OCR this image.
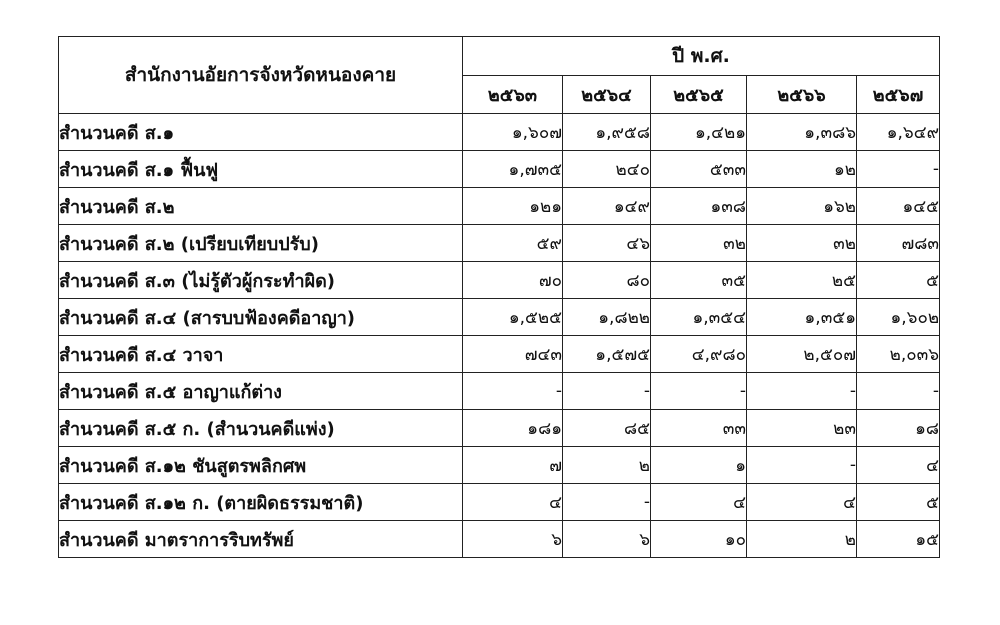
สำนักงานอัยการจังหวัดหนองคาย	ปี พ.ศ.				
	๒๕๖๓	๒๕๖๔	๒๕๖๕	๒๕๖๖	๒๕๖๗
สำนวนคดี ส.๑	๑,๖๐๗	๑,๙๕๘	๑,๔๒๑	๑,๓๘๖	๑,๖๔๙
สำนวนคดี ส.๑ ฟื้นฟู	๑,๗๓๕	๒๔๐	๕๓๓	๑๒	-
สำนวนคดี ส.๒	๑๒๑	๑๔๙	๑๓๘	๑๖๒	๑๔๕
สำนวนคดี ส.๒ (เปรียบเทียบปรับ)	๕๙	๔๖	๓๒	๓๒	๗๘๓
สำนวนคดี ส.๓ (ไม่รู้ตัวผู้กระทำผิด)	๗๐	๘๐	๓๕	๒๕	๕
สำนวนคดี ส.๔ (สารบบฟ้องคดีอาญา)	๑,๕๒๕	๑,๘๒๒	๑,๓๕๔	๑,๓๕๑	๑,๖๐๒
สำนวนคดี ส.๔ วาจา	๗๔๓	๑,๕๗๕	๔,๙๘๐	๒,๕๐๗	๒,๐๓๖
สำนวนคดี ส.๕ อาญาแก้ต่าง	-	-	-	-	-
สำนวนคดี ส.๕ ก. (สำนวนคดีแพ่ง)	๑๘๑	๘๕	๓๓	๒๓	๑๘
สำนวนคดี ส.๑๒ ชันสูตรพลิกศพ	๗	๒	๑	-	๔
สำนวนคดี ส.๑๒ ก. (ตายผิดธรรมชาติ)	๔	-	๔	๔	๕
สำนวนคดี มาตราการริบทรัพย์	๖	๖	๑๐	๒	๑๕
